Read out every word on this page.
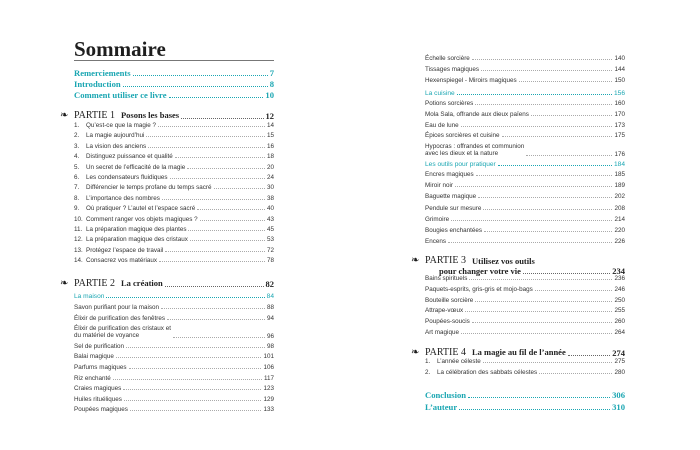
Sommaire
Remerciements	7
Introduction	8
Comment utiliser ce livre	10
❧ PARTIE 1 Posons les bases	12
1. Qu’est-ce que la magie ?	14
2. La magie aujourd’hui	15
3. La vision des anciens	16
4. Distinguez puissance et qualité	18
5. Un secret de l’efficacité de la magie	20
6. Les condensateurs fluidiques	24
7. Différencier le temps profane du temps sacré	30
8. L’importance des nombres	38
9. Où pratiquer ? L’autel et l’espace sacré	40
10. Comment ranger vos objets magiques ?	43
11. La préparation magique des plantes	45
12. La préparation magique des cristaux	53
13. Protégez l’espace de travail	72
14. Consacrez vos matériaux	78
❧ PARTIE 2 La création	82
La maison	84
Savon purifiant pour la maison	88
Élixir de purification des fenêtres	94
Élixir de purification des cristaux et
du matériel de voyance	96
Sel de purification	98
Balai magique	101
Parfums magiques	106
Riz enchanté	117
Craies magiques	123
Huiles rituéliques	129
Poupées magiques	133
Échelle sorcière	140
Tissages magiques	144
Hexenspiegel - Miroirs magiques	150
La cuisine	156
Potions sorcières	160
Mola Sala, offrande aux dieux païens	170
Eau de lune	173
Épices sorcières et cuisine	175
Hypocras : offrandes et communion
avec les dieux et la nature	176
Les outils pour pratiquer	184
Encres magiques	185
Miroir noir	189
Baguette magique	202
Pendule sur mesure	208
Grimoire	214
Bougies enchantées	220
Encens	226
❧ PARTIE 3 Utilisez vos outils
pour changer votre vie	234
Bains spirituels	236
Paquets-esprits, gris-gris et mojo-bags	246
Bouteille sorcière	250
Attrape-vœux	255
Poupées-soucis	260
Art magique	264
❧ PARTIE 4 La magie au fil de l’année	274
1. L’année céleste	275
2. La célébration des sabbats célestes	280
Conclusion	306
L’auteur	310
